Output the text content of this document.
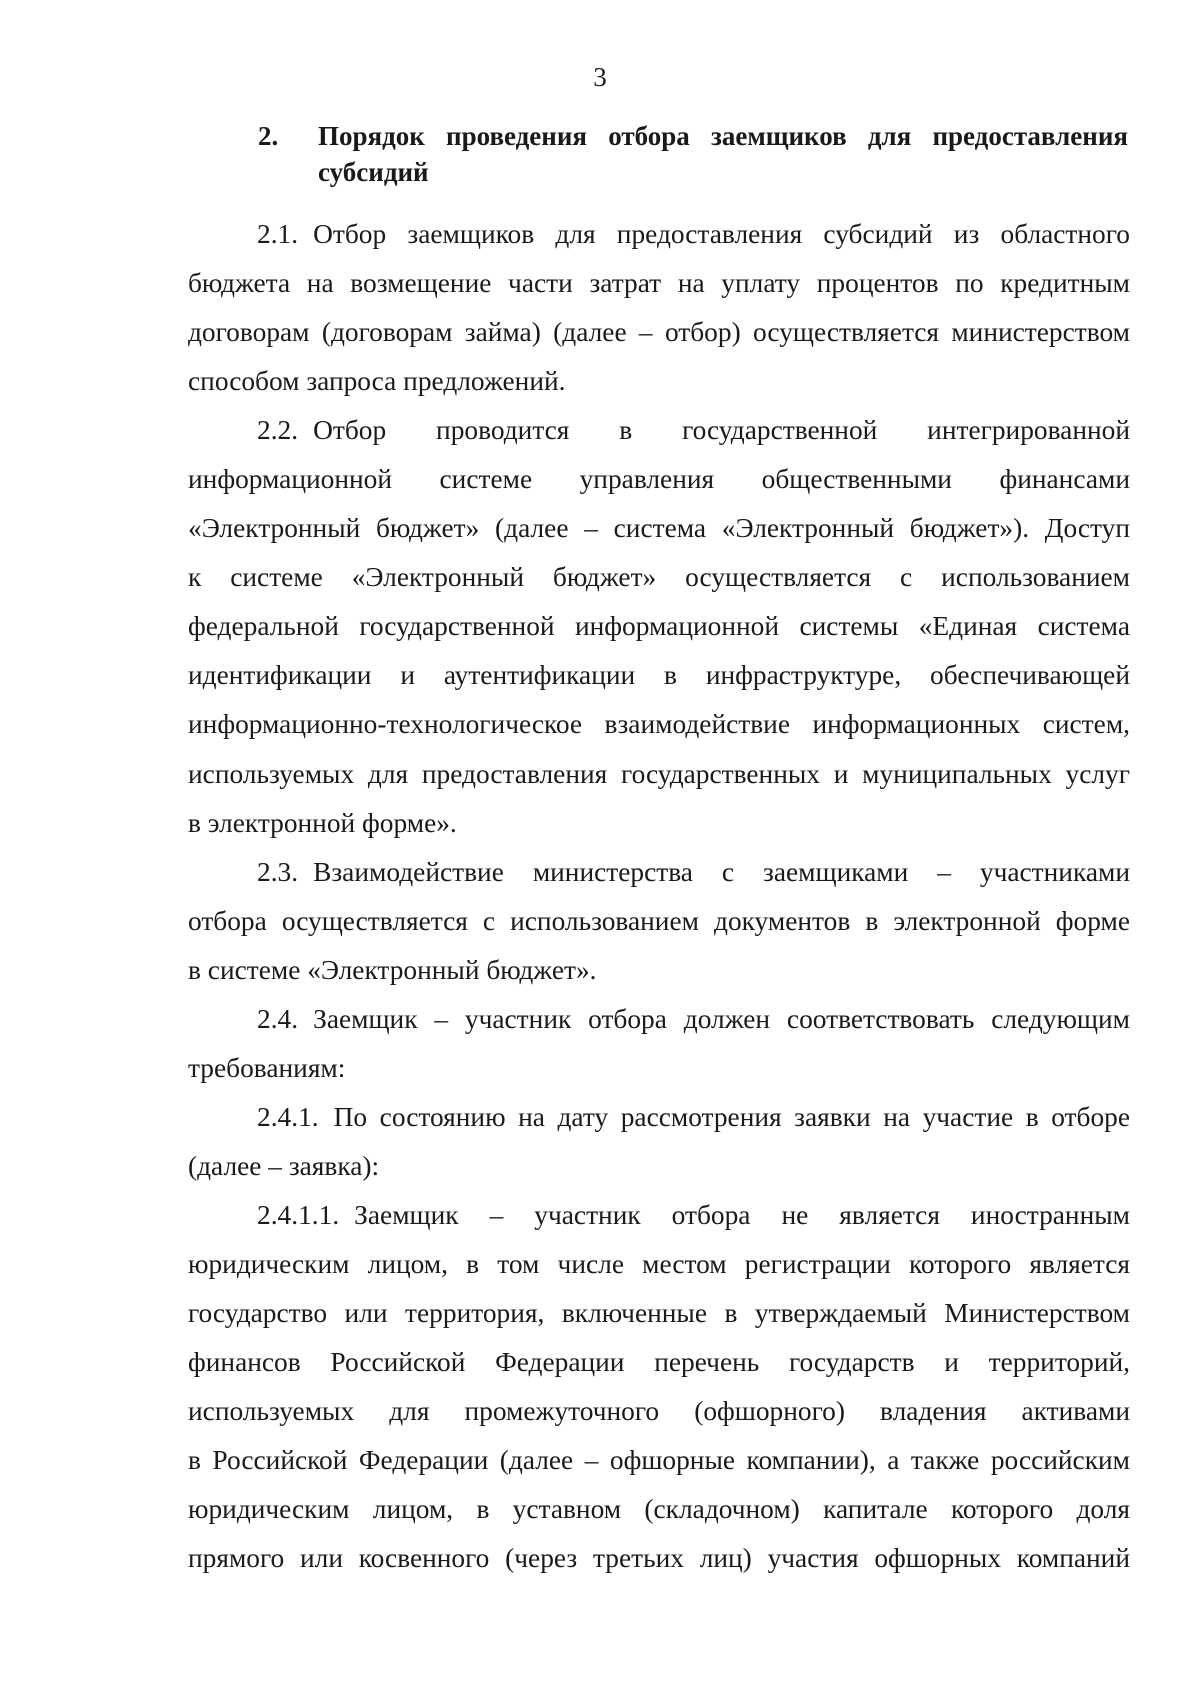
3
2.	Порядок проведения отбора заемщиков для предоставления субсидий
2.1. Отбор заемщиков для предоставления субсидий из областного
бюджета на возмещение части затрат на уплату процентов по кредитным
договорам (договорам займа) (далее – отбор) осуществляется министерством
способом запроса предложений.
2.2. Отбор проводится в государственной интегрированной
информационной системе управления общественными финансами
«Электронный бюджет» (далее – система «Электронный бюджет»). Доступ
к системе «Электронный бюджет» осуществляется с использованием
федеральной государственной информационной системы «Единая система
идентификации и аутентификации в инфраструктуре, обеспечивающей
информационно-технологическое взаимодействие информационных систем,
используемых для предоставления государственных и муниципальных услуг
в электронной форме».
2.3. Взаимодействие министерства с заемщиками – участниками
отбора осуществляется с использованием документов в электронной форме
в системе «Электронный бюджет».
2.4. Заемщик – участник отбора должен соответствовать следующим
требованиям:
2.4.1. По состоянию на дату рассмотрения заявки на участие в отборе
(далее – заявка):
2.4.1.1. Заемщик – участник отбора не является иностранным
юридическим лицом, в том числе местом регистрации которого является
государство или территория, включенные в утверждаемый Министерством
финансов Российской Федерации перечень государств и территорий,
используемых для промежуточного (офшорного) владения активами
в Российской Федерации (далее – офшорные компании), а также российским
юридическим лицом, в уставном (складочном) капитале которого доля
прямого или косвенного (через третьих лиц) участия офшорных компаний
